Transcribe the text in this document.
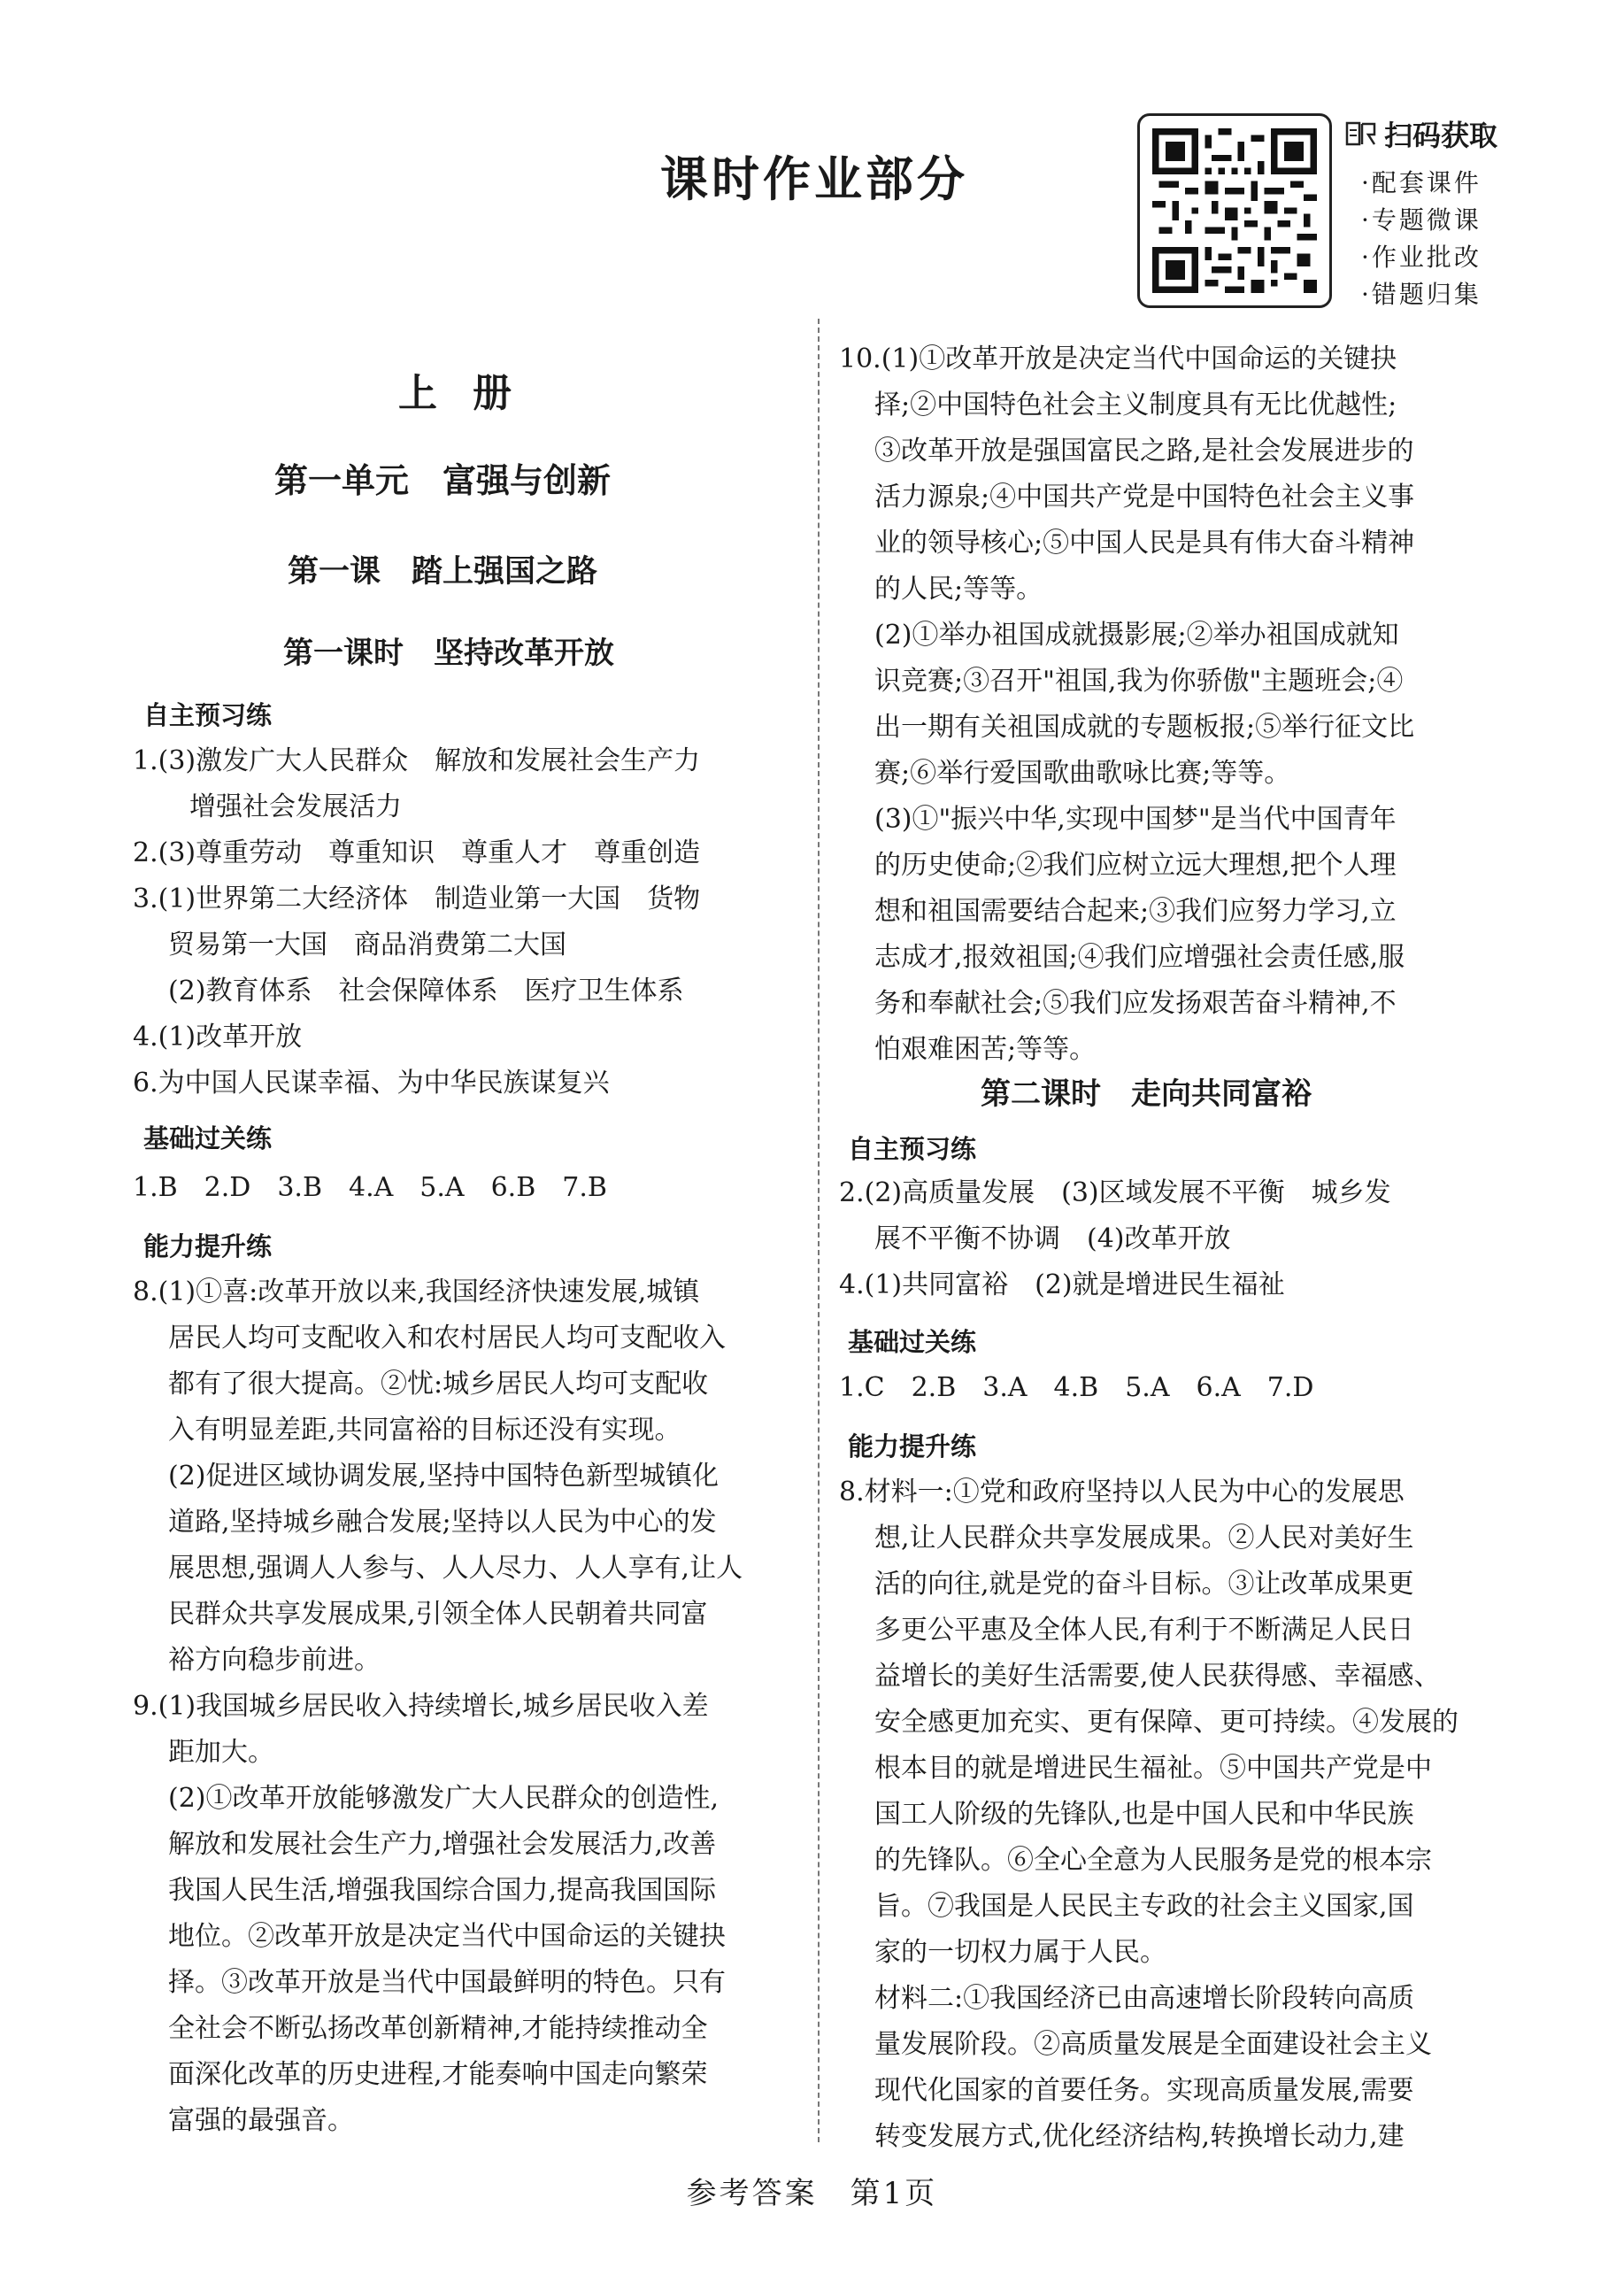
课时作业部分
扫码获取
·配套课件
·专题微课
·作业批改
·错题归集
上册
第一单元　富强与创新
第一课　踏上强国之路
第一课时　坚持改革开放
自主预习练
1.(3)激发广大人民群众　解放和发展社会生产力
增强社会发展活力
2.(3)尊重劳动　尊重知识　尊重人才　尊重创造
3.(1)世界第二大经济体　制造业第一大国　货物
贸易第一大国　商品消费第二大国
(2)教育体系　社会保障体系　医疗卫生体系
4.(1)改革开放
6.为中国人民谋幸福、为中华民族谋复兴
基础过关练
1.B　2.D　3.B　4.A　5.A　6.B　7.B
能力提升练
8.(1)①喜:改革开放以来,我国经济快速发展,城镇
居民人均可支配收入和农村居民人均可支配收入
都有了很大提高。②忧:城乡居民人均可支配收
入有明显差距,共同富裕的目标还没有实现。
(2)促进区域协调发展,坚持中国特色新型城镇化
道路,坚持城乡融合发展;坚持以人民为中心的发
展思想,强调人人参与、人人尽力、人人享有,让人
民群众共享发展成果,引领全体人民朝着共同富
裕方向稳步前进。
9.(1)我国城乡居民收入持续增长,城乡居民收入差
距加大。
(2)①改革开放能够激发广大人民群众的创造性,
解放和发展社会生产力,增强社会发展活力,改善
我国人民生活,增强我国综合国力,提高我国国际
地位。②改革开放是决定当代中国命运的关键抉
择。③改革开放是当代中国最鲜明的特色。只有
全社会不断弘扬改革创新精神,才能持续推动全
面深化改革的历史进程,才能奏响中国走向繁荣
富强的最强音。
10.(1)①改革开放是决定当代中国命运的关键抉
择;②中国特色社会主义制度具有无比优越性;
③改革开放是强国富民之路,是社会发展进步的
活力源泉;④中国共产党是中国特色社会主义事
业的领导核心;⑤中国人民是具有伟大奋斗精神
的人民;等等。
(2)①举办祖国成就摄影展;②举办祖国成就知
识竞赛;③召开"祖国,我为你骄傲"主题班会;④
出一期有关祖国成就的专题板报;⑤举行征文比
赛;⑥举行爱国歌曲歌咏比赛;等等。
(3)①"振兴中华,实现中国梦"是当代中国青年
的历史使命;②我们应树立远大理想,把个人理
想和祖国需要结合起来;③我们应努力学习,立
志成才,报效祖国;④我们应增强社会责任感,服
务和奉献社会;⑤我们应发扬艰苦奋斗精神,不
怕艰难困苦;等等。
第二课时　走向共同富裕
自主预习练
2.(2)高质量发展　(3)区域发展不平衡　城乡发
展不平衡不协调　(4)改革开放
4.(1)共同富裕　(2)就是增进民生福祉
基础过关练
1.C　2.B　3.A　4.B　5.A　6.A　7.D
能力提升练
8.材料一:①党和政府坚持以人民为中心的发展思
想,让人民群众共享发展成果。②人民对美好生
活的向往,就是党的奋斗目标。③让改革成果更
多更公平惠及全体人民,有利于不断满足人民日
益增长的美好生活需要,使人民获得感、幸福感、
安全感更加充实、更有保障、更可持续。④发展的
根本目的就是增进民生福祉。⑤中国共产党是中
国工人阶级的先锋队,也是中国人民和中华民族
的先锋队。⑥全心全意为人民服务是党的根本宗
旨。⑦我国是人民民主专政的社会主义国家,国
家的一切权力属于人民。
材料二:①我国经济已由高速增长阶段转向高质
量发展阶段。②高质量发展是全面建设社会主义
现代化国家的首要任务。实现高质量发展,需要
转变发展方式,优化经济结构,转换增长动力,建
参考答案　第1页
